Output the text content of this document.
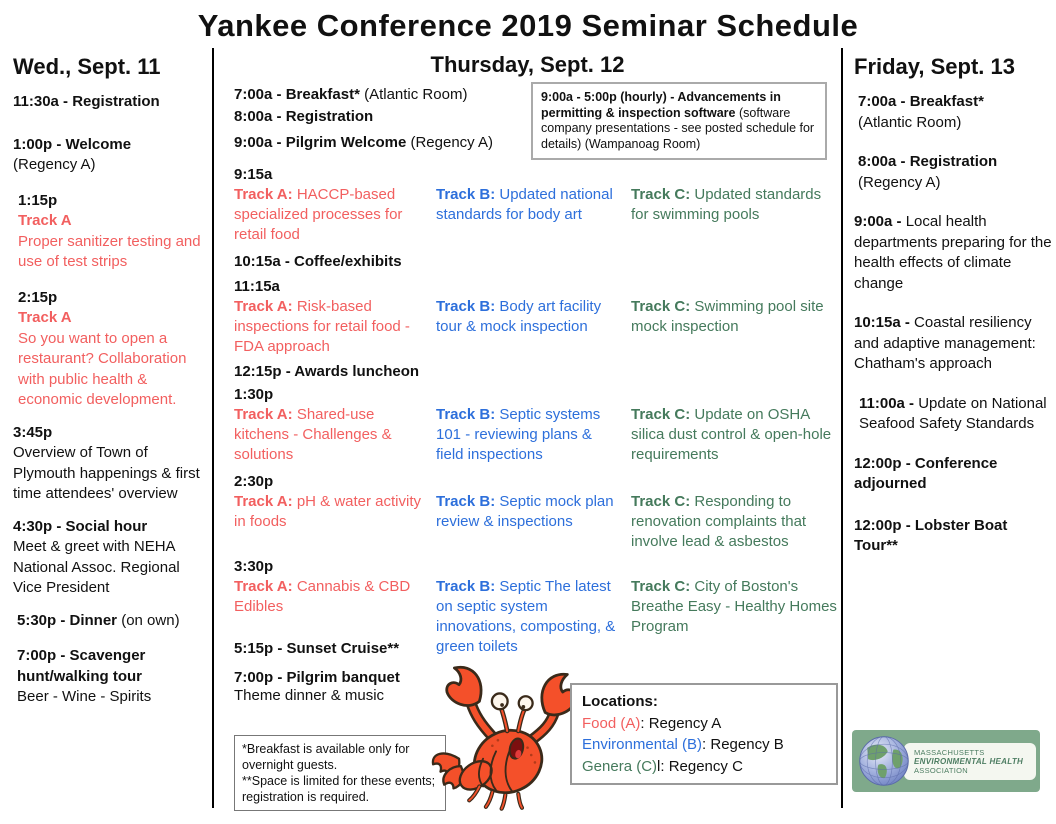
Yankee Conference 2019 Seminar Schedule
Wed., Sept. 11

11:30a - Registration

1:00p - Welcome
(Regency A)

1:15p
Track A
Proper sanitizer testing and use of test strips

2:15p
Track A
So you want to open a restaurant? Collaboration with public health & economic development.

3:45p
Overview of Town of Plymouth happenings & first time attendees' overview

4:30p - Social hour
Meet & greet with NEHA National Assoc. Regional Vice President

5:30p - Dinner (on own)

7:00p - Scavenger hunt/walking tour
Beer - Wine - Spirits

Thursday, Sept. 12
7:00a - Breakfast* (Atlantic Room)
8:00a - Registration
9:00a - Pilgrim Welcome (Regency A)
9:00a - 5:00p (hourly) - Advancements in permitting & inspection software (software company presentations - see posted schedule for details) (Wampanoag Room)
9:15a
Track A: HACCP-based specialized processes for retail food
Track B: Updated national standards for body art
Track C: Updated standards for swimming pools
10:15a - Coffee/exhibits
11:15a
Track A: Risk-based inspections for retail food - FDA approach
Track B: Body art facility tour & mock inspection
Track C: Swimming pool site mock inspection
12:15p - Awards luncheon
1:30p
Track A: Shared-use kitchens - Challenges & solutions
Track B: Septic systems 101 - reviewing plans & field inspections
Track C: Update on OSHA silica dust control & open-hole requirements
2:30p
Track A: pH & water activity in foods
Track B: Septic mock plan review & inspections
Track C: Responding to renovation complaints that involve lead & asbestos
3:30p
Track A: Cannabis & CBD Edibles
5:15p - Sunset Cruise**
Track B: Septic The latest on septic system innovations, composting, & green toilets
Track C: City of Boston's Breathe Easy - Healthy Homes Program
7:00p - Pilgrim banquet
Theme dinner & music
*Breakfast is available only for overnight guests.
**Space is limited for these events; registration is required.
Locations:
Food (A): Regency A
Environmental (B): Regency B
Genera (C)l: Regency C
Friday, Sept. 13

7:00a - Breakfast*
(Atlantic Room)

8:00a - Registration
(Regency A)

9:00a - Local health departments preparing for the health effects of climate change

10:15a - Coastal resiliency and adaptive management: Chatham's approach

11:00a - Update on National Seafood Safety Standards

12:00p - Conference adjourned

12:00p - Lobster Boat Tour**

MASSACHUSETTS
ENVIRONMENTAL HEALTH
ASSOCIATION
